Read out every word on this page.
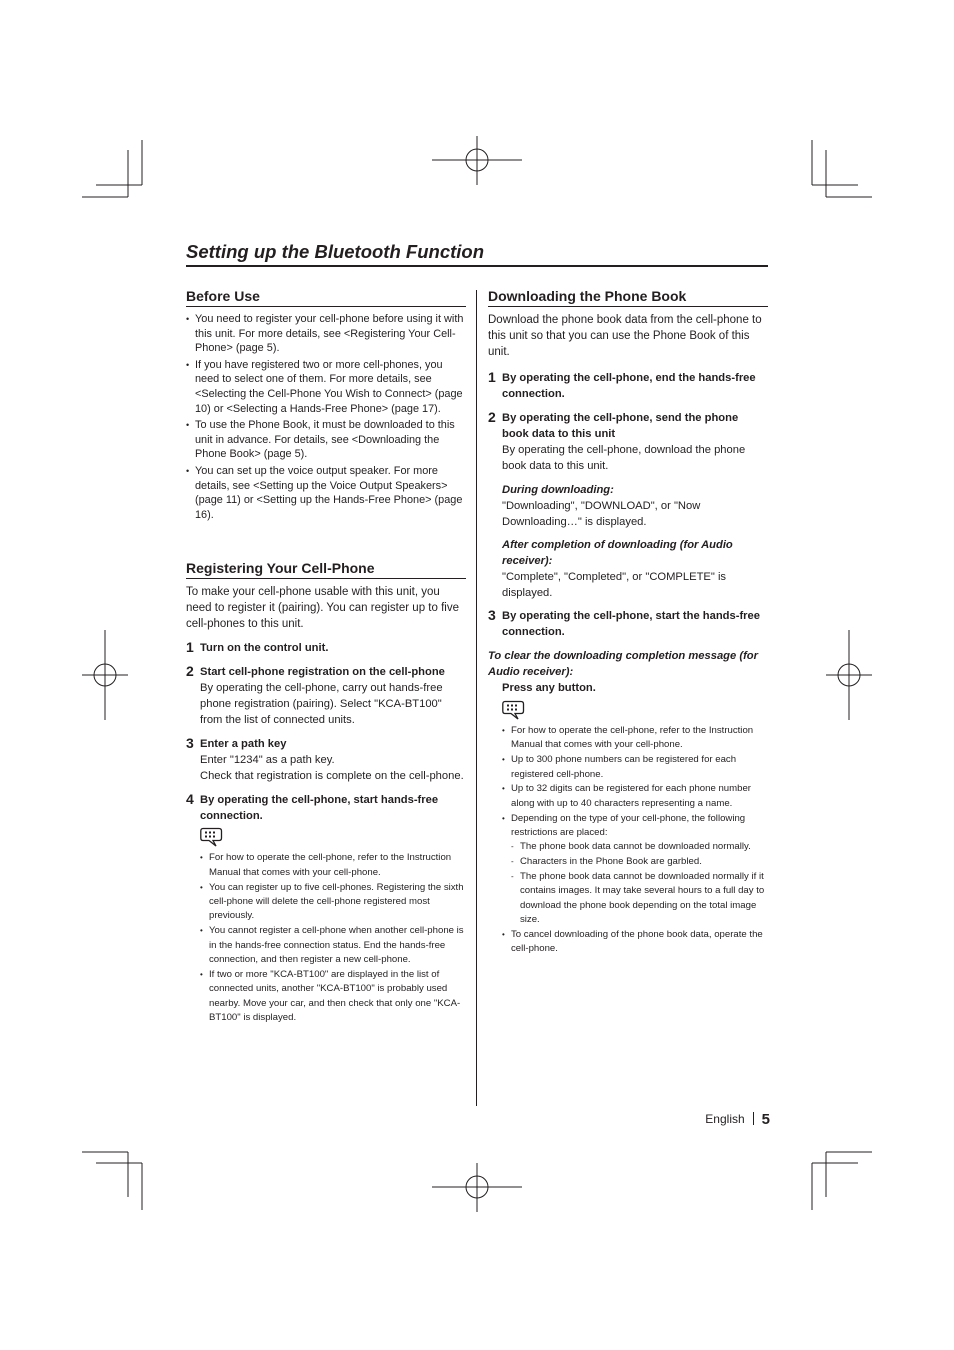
Setting up the Bluetooth Function
Before Use
• You need to register your cell-phone before using it with this unit. For more details, see <Registering Your Cell-Phone> (page 5).
• If you have registered two or more cell-phones, you need to select one of them. For more details, see <Selecting the Cell-Phone You Wish to Connect> (page 10) or <Selecting a Hands-Free Phone> (page 17).
• To use the Phone Book, it must be downloaded to this unit in advance. For details, see <Downloading the Phone Book> (page 5).
• You can set up the voice output speaker. For more details, see <Setting up the Voice Output Speakers> (page 11) or <Setting up the Hands-Free Phone> (page 16).
Registering Your Cell-Phone

To make your cell-phone usable with this unit, you need to register it (pairing). You can register up to five cell-phones to this unit.

1 Turn on the control unit.
2 Start cell-phone registration on the cell-phone
By operating the cell-phone, carry out hands-free phone registration (pairing). Select "KCA-BT100" from the list of connected units.
3 Enter a path key
Enter "1234" as a path key.
Check that registration is complete on the cell-phone.
4 By operating the cell-phone, start hands-free connection.
• For how to operate the cell-phone, refer to the Instruction Manual that comes with your cell-phone.
• You can register up to five cell-phones. Registering the sixth cell-phone will delete the cell-phone registered most previously.
• You cannot register a cell-phone when another cell-phone is in the hands-free connection status. End the hands-free connection, and then register a new cell-phone.
• If two or more "KCA-BT100" are displayed in the list of connected units, another "KCA-BT100" is probably used nearby. Move your car, and then check that only one "KCA-BT100" is displayed.
Downloading the Phone Book

Download the phone book data from the cell-phone to this unit so that you can use the Phone Book of this unit.

1 By operating the cell-phone, end the hands-free connection.
2 By operating the cell-phone, send the phone book data to this unit
By operating the cell-phone, download the phone book data to this unit.
During downloading:
"Downloading", "DOWNLOAD", or "Now Downloading…" is displayed.
After completion of downloading (for Audio receiver):
"Complete", "Completed", or "COMPLETE" is displayed.
3 By operating the cell-phone, start the hands-free connection.
To clear the downloading completion message (for Audio receiver):
Press any button.
• For how to operate the cell-phone, refer to the Instruction Manual that comes with your cell-phone.
• Up to 300 phone numbers can be registered for each registered cell-phone.
• Up to 32 digits can be registered for each phone number along with up to 40 characters representing a name.
• Depending on the type of your cell-phone, the following restrictions are placed:
- The phone book data cannot be downloaded normally.
- Characters in the Phone Book are garbled.
- The phone book data cannot be downloaded normally if it contains images. It may take several hours to a full day to download the phone book depending on the total image size.
• To cancel downloading of the phone book data, operate the cell-phone.
English 5
